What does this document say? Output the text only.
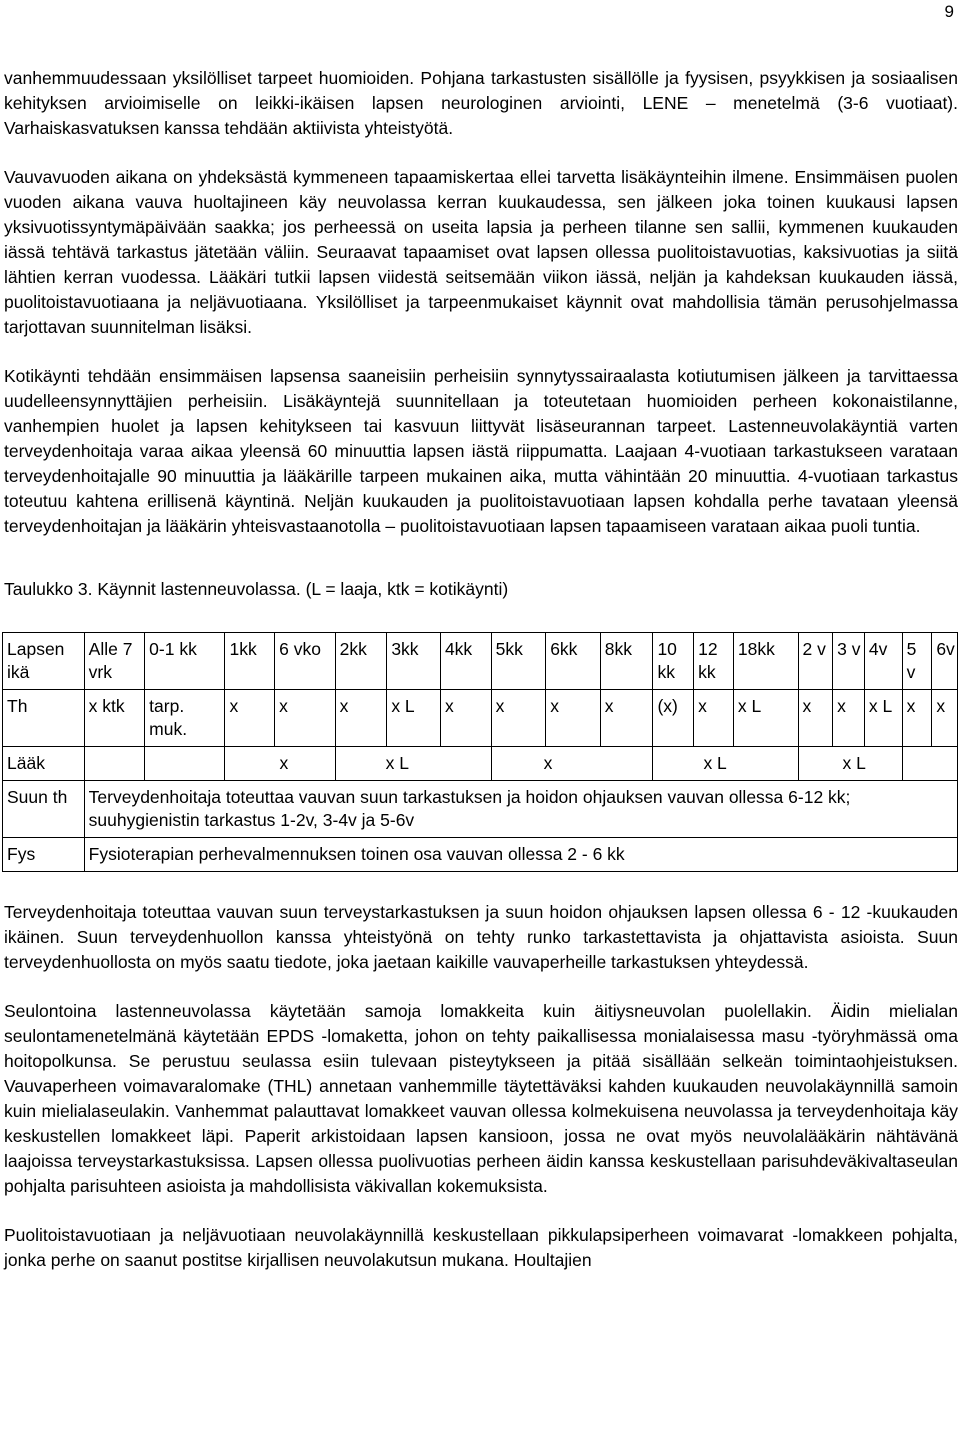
9

vanhemmuudessaan yksilölliset tarpeet huomioiden. Pohjana tarkastusten sisällölle ja fyysisen, psyykkisen ja sosiaalisen kehityksen arvioimiselle on leikki-ikäisen lapsen neurologinen arviointi, LENE – menetelmä (3-6 vuotiaat). Varhaiskasvatuksen kanssa tehdään aktiivista yhteistyötä.

Vauvavuoden aikana on yhdeksästä kymmeneen tapaamiskertaa ellei tarvetta lisäkäynteihin ilmene. Ensimmäisen puolen vuoden aikana vauva huoltajineen käy neuvolassa kerran kuukaudessa, sen jälkeen joka toinen kuukausi lapsen yksivuotissyntymäpäivään saakka; jos perheessä on useita lapsia ja perheen tilanne sen sallii, kymmenen kuukauden iässä tehtävä tarkastus jätetään väliin. Seuraavat tapaamiset ovat lapsen ollessa puolitoistavuotias, kaksivuotias ja siitä lähtien kerran vuodessa. Lääkäri tutkii lapsen viidestä seitsemään viikon iässä, neljän ja kahdeksan kuukauden iässä, puolitoistavuotiaana ja neljävuotiaana. Yksilölliset ja tarpeenmukaiset käynnit ovat mahdollisia tämän perusohjelmassa tarjottavan suunnitelman lisäksi.

Kotikäynti tehdään ensimmäisen lapsensa saaneisiin perheisiin synnytyssairaalasta kotiutumisen jälkeen ja tarvittaessa uudelleensynnyttäjien perheisiin. Lisäkäyntejä suunnitellaan ja toteutetaan huomioiden perheen kokonaistilanne, vanhempien huolet ja lapsen kehitykseen tai kasvuun liittyvät lisäseurannan tarpeet. Lastenneuvolakäyntiä varten terveydenhoitaja varaa aikaa yleensä 60 minuuttia lapsen iästä riippumatta. Laajaan 4-vuotiaan tarkastukseen varataan terveydenhoitajalle 90 minuuttia ja lääkärille tarpeen mukainen aika, mutta vähintään 20 minuuttia. 4-vuotiaan tarkastus toteutuu kahtena erillisenä käyntinä. Neljän kuukauden ja puolitoistavuotiaan lapsen kohdalla perhe tavataan yleensä terveydenhoitajan ja lääkärin yhteisvastaanotolla – puolitoistavuotiaan lapsen tapaamiseen varataan aikaa puoli tuntia.

Taulukko 3. Käynnit lastenneuvolassa. (L = laaja, ktk = kotikäynti)

Lapsen ikä	Alle 7 vrk	0-1 kk	1kk	6 vko	2kk	3kk	4kk	5kk	6kk	8kk	10 kk	12 kk	18kk	2 v	3 v	4v	5 v	6v
Th	x ktk	tarp. muk.	x	x	x	x L	x	x	x	x	(x)	x	x L	x	x	x L	x	x
Lääk			x		x L			x			x L			x L				
Suun th	Terveydenhoitaja toteuttaa vauvan suun tarkastuksen ja hoidon ohjauksen vauvan ollessa 6-12 kk; suuhygienistin tarkastus 1-2v, 3-4v ja 5-6v																	
Fys	Fysioterapian perhevalmennuksen toinen osa vauvan ollessa 2 - 6 kk																	

Terveydenhoitaja toteuttaa vauvan suun terveystarkastuksen ja suun hoidon ohjauksen lapsen ollessa 6 - 12 -kuukauden ikäinen. Suun terveydenhuollon kanssa yhteistyönä on tehty runko tarkastettavista ja ohjattavista asioista. Suun terveydenhuollosta on myös saatu tiedote, joka jaetaan kaikille vauvaperheille tarkastuksen yhteydessä.

Seulontoina lastenneuvolassa käytetään samoja lomakkeita kuin äitiysneuvolan puolellakin. Äidin mielialan seulontamenetelmänä käytetään EPDS -lomaketta, johon on tehty paikallisessa monialaisessa masu -työryhmässä oma hoitopolkunsa. Se perustuu seulassa esiin tulevaan pisteytykseen ja pitää sisällään selkeän toimintaohjeistuksen. Vauvaperheen voimavaralomake (THL) annetaan vanhemmille täytettäväksi kahden kuukauden neuvolakäynnillä samoin kuin mielialaseulakin. Vanhemmat palauttavat lomakkeet vauvan ollessa kolmekuisena neuvolassa ja terveydenhoitaja käy keskustellen lomakkeet läpi. Paperit arkistoidaan lapsen kansioon, jossa ne ovat myös neuvolalääkärin nähtävänä laajoissa terveystarkastuksissa. Lapsen ollessa puolivuotias perheen äidin kanssa keskustellaan parisuhdeväkivaltaseulan pohjalta parisuhteen asioista ja mahdollisista väkivallan kokemuksista.

Puolitoistavuotiaan ja neljävuotiaan neuvolakäynnillä keskustellaan pikkulapsiperheen voimavarat -lomakkeen pohjalta, jonka perhe on saanut postitse kirjallisen neuvolakutsun mukana. Houltajien
